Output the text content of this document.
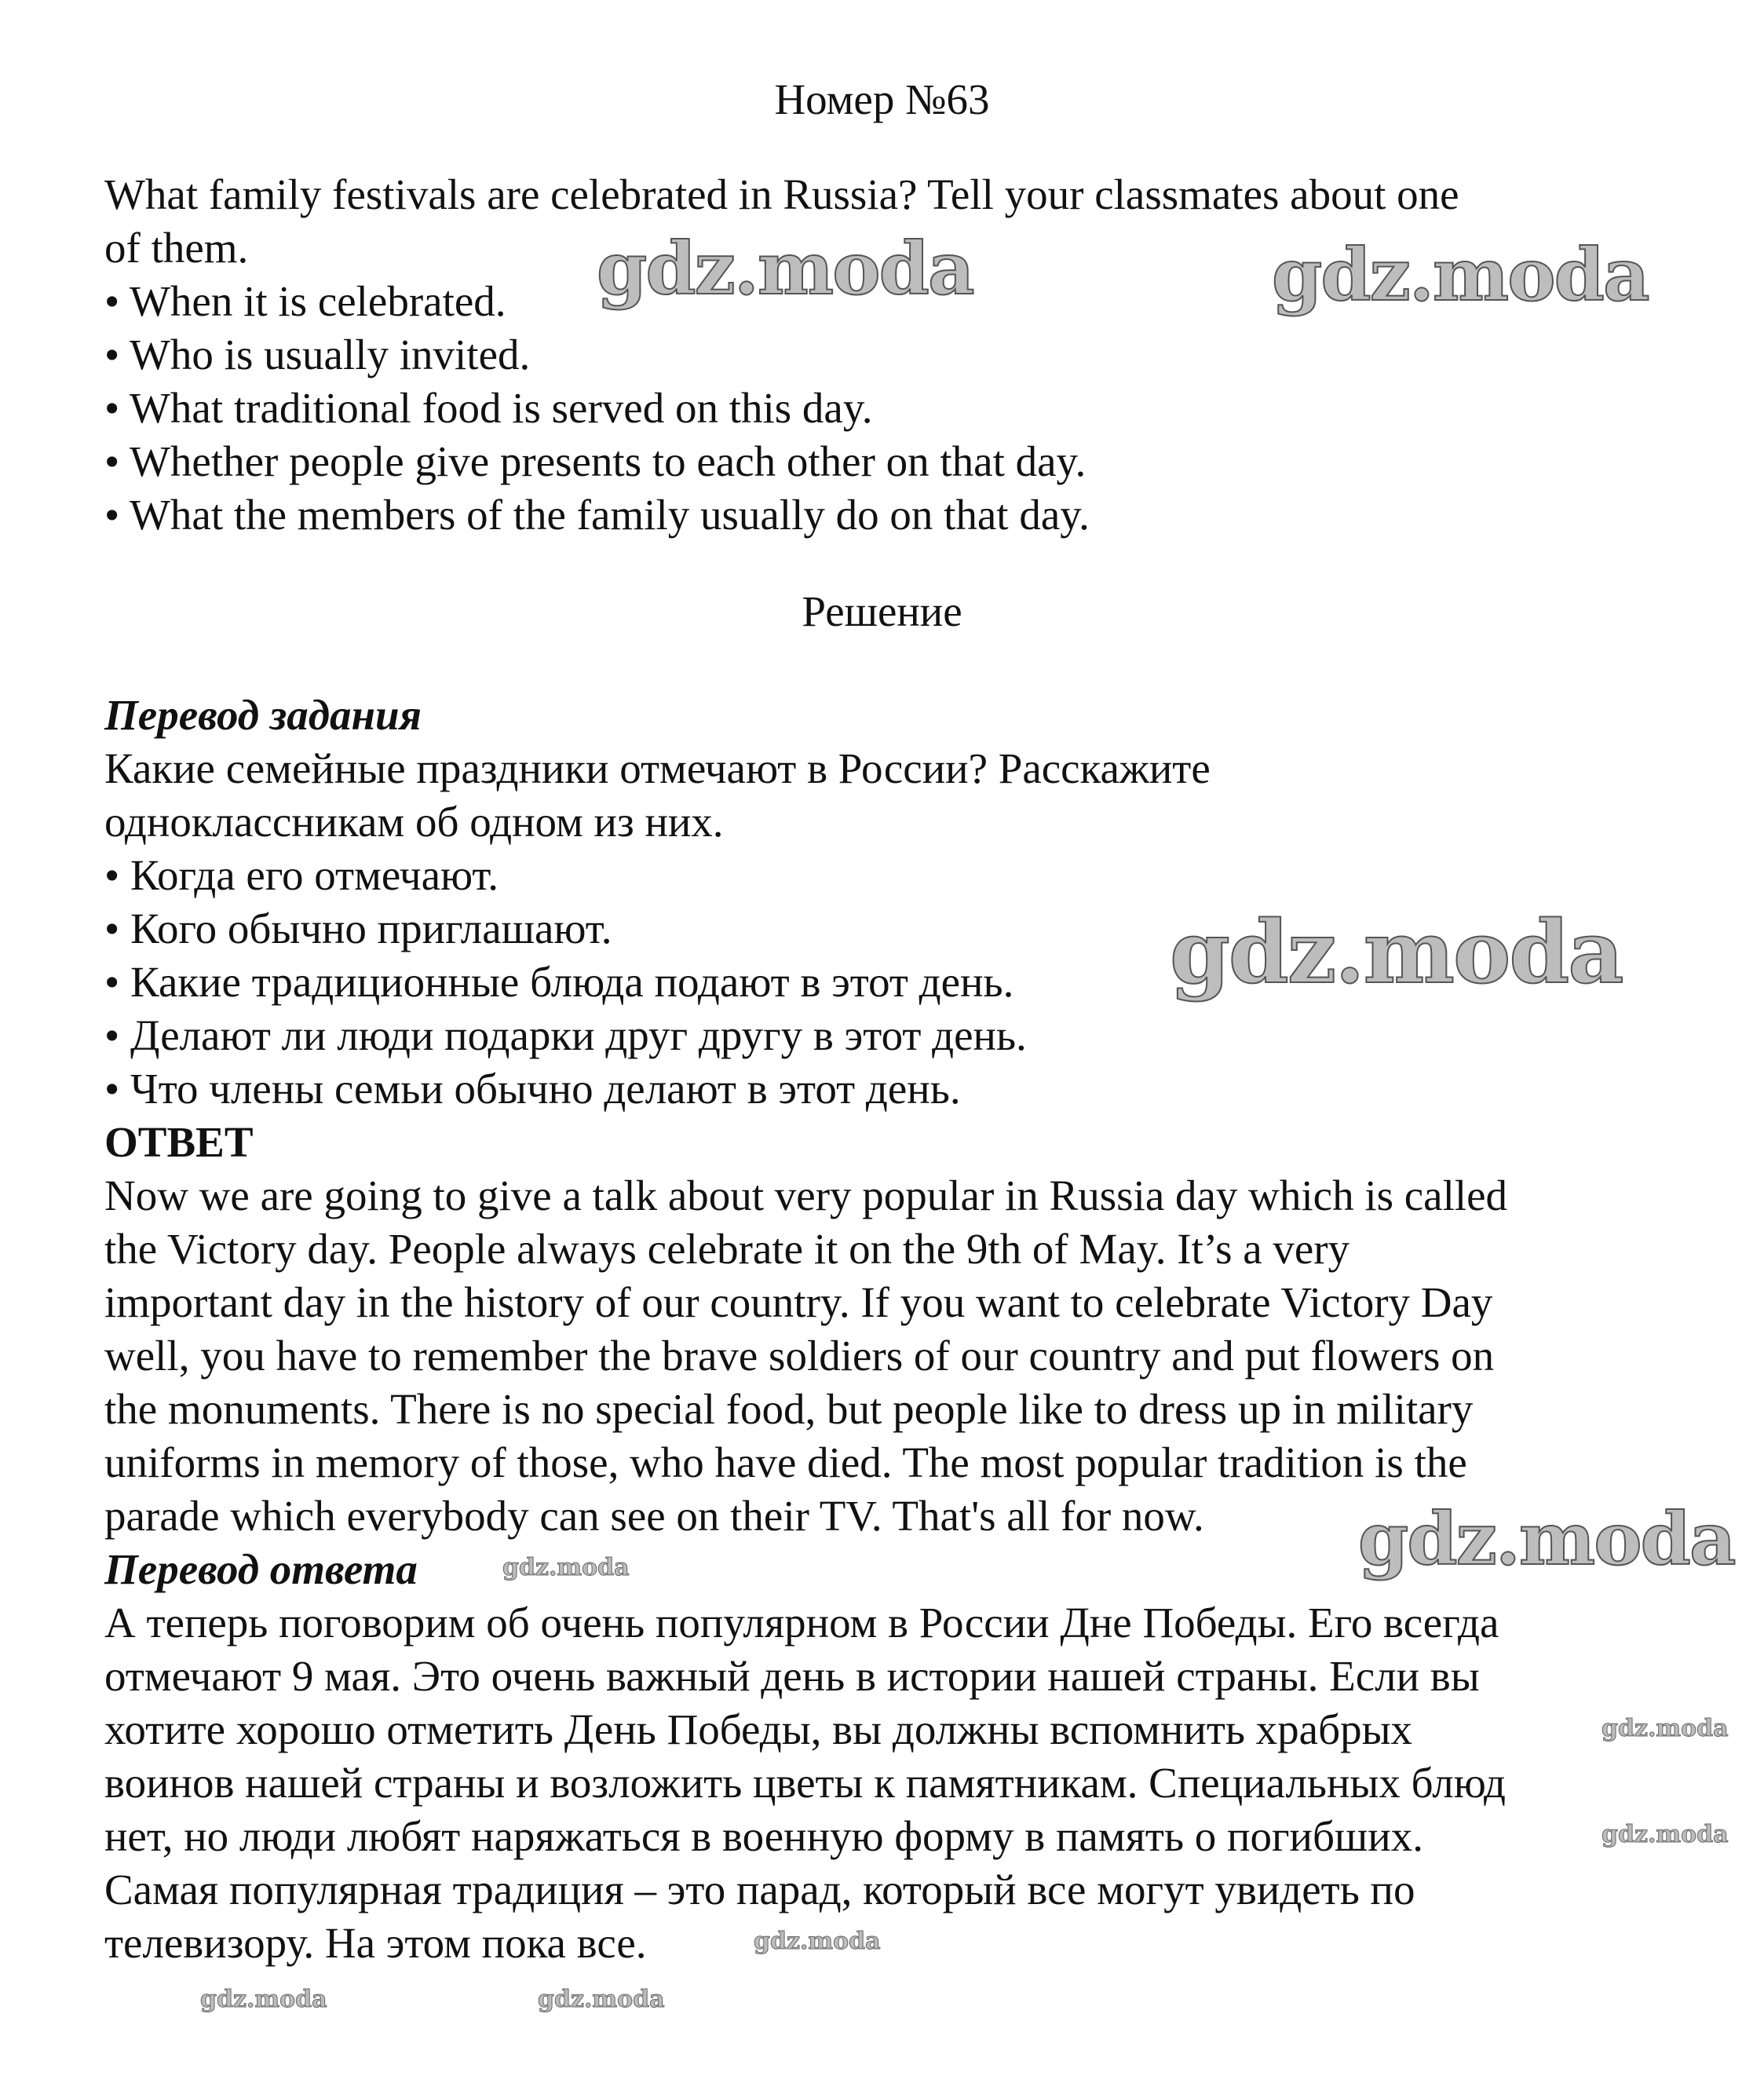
Номер №63
What family festivals are celebrated in Russia? Tell your classmates about one
of them.
• When it is celebrated.
• Who is usually invited.
• What traditional food is served on this day.
• Whether people give presents to each other on that day.
• What the members of the family usually do on that day.
Решение
Перевод задания
Какие семейные праздники отмечают в России? Расскажите
одноклассникам об одном из них.
• Когда его отмечают.
• Кого обычно приглашают.
• Какие традиционные блюда подают в этот день.
• Делают ли люди подарки друг другу в этот день.
• Что члены семьи обычно делают в этот день.
ОТВЕТ
Now we are going to give a talk about very popular in Russia day which is called
the Victory day. People always celebrate it on the 9th of May. It’s a very
important day in the history of our country. If you want to celebrate Victory Day
well, you have to remember the brave soldiers of our country and put flowers on
the monuments. There is no special food, but people like to dress up in military
uniforms in memory of those, who have died. The most popular tradition is the
parade which everybody can see on their TV. That's all for now.
Перевод ответа
А теперь поговорим об очень популярном в России Дне Победы. Его всегда
отмечают 9 мая. Это очень важный день в истории нашей страны. Если вы
хотите хорошо отметить День Победы, вы должны вспомнить храбрых
воинов нашей страны и возложить цветы к памятникам. Специальных блюд
нет, но люди любят наряжаться в военную форму в память о погибших.
Самая популярная традиция – это парад, который все могут увидеть по
телевизору. На этом пока все.
gdz.moda	gdz.moda
gdz.moda
gdz.moda
gdz.moda
gdz.moda
gdz.moda
gdz.moda
gdz.moda	gdz.moda
